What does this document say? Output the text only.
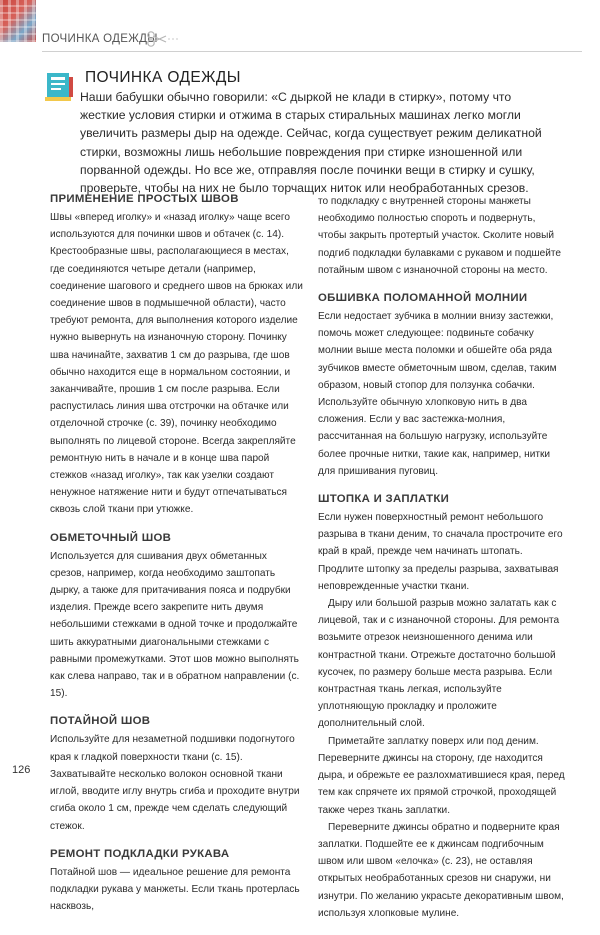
ПОЧИНКА ОДЕЖДЫ
ПОЧИНКА ОДЕЖДЫ

Наши бабушки обычно говорили: «С дыркой не клади в стирку», потому что жесткие условия стирки и отжима в старых стиральных машинах легко могли увеличить размеры дыр на одежде. Сейчас, когда существует режим деликатной стирки, возможны лишь небольшие повреждения при стирке изношенной или порванной одежды. Но все же, отправляя после починки вещи в стирку и сушку, проверьте, чтобы на них не было торчащих ниток или необработанных срезов.

ПРИМЕНЕНИЕ ПРОСТЫХ ШВОВ

Швы «вперед иголку» и «назад иголку» чаще всего используются для починки швов и обтачек (с. 14). Крестообразные швы, располагающиеся в местах, где соединяются четыре детали (например, соединение шагового и среднего швов на брюках или соединение швов в подмышечной области), часто требуют ремонта, для выполнения которого изделие нужно вывернуть на изнаночную сторону. Починку шва начинайте, захватив 1 см до разрыва, где шов обычно находится еще в нормальном состоянии, и заканчивайте, прошив 1 см после разрыва. Если распустилась линия шва отстрочки на обтачке или отделочной строчке (с. 39), починку необходимо выполнять по лицевой стороне. Всегда закрепляйте ремонтную нить в начале и в конце шва парой стежков «назад иголку», так как узелки создают ненужное натяжение нити и будут отпечатываться сквозь слой ткани при утюжке.

ОБМЕТОЧНЫЙ ШОВ

Используется для сшивания двух обметанных срезов, например, когда необходимо заштопать дырку, а также для притачивания пояса и подрубки изделия. Прежде всего закрепите нить двумя небольшими стежками в одной точке и продолжайте шить аккуратными диагональными стежками с равными промежутками. Этот шов можно выполнять как слева направо, так и в обратном направлении (с. 15).

ПОТАЙНОЙ ШОВ

Используйте для незаметной подшивки подогнутого края к гладкой поверхности ткани (с. 15). Захватывайте несколько волокон основной ткани иглой, вводите иглу внутрь сгиба и проходите внутри сгиба около 1 см, прежде чем сделать следующий стежок.

РЕМОНТ ПОДКЛАДКИ РУКАВА

Потайной шов — идеальное решение для ремонта подкладки рукава у манжеты. Если ткань протерлась насквозь,

то подкладку с внутренней стороны манжеты необходимо полностью спороть и подвернуть, чтобы закрыть протертый участок. Сколите новый подгиб подкладки булавками с рукавом и подшейте потайным швом с изнаночной стороны на место.

ОБШИВКА ПОЛОМАННОЙ МОЛНИИ

Если недостает зубчика в молнии внизу застежки, помочь может следующее: подвиньте собачку молнии выше места поломки и обшейте оба ряда зубчиков вместе обметочным швом, сделав, таким образом, новый стопор для ползунка собачки. Используйте обычную хлопковую нить в два сложения. Если у вас застежка-молния, рассчитанная на большую нагрузку, используйте более прочные нитки, такие как, например, нитки для пришивания пуговиц.

ШТОПКА И ЗАПЛАТКИ

Если нужен поверхностный ремонт небольшого разрыва в ткани деним, то сначала прострочите его край в край, прежде чем начинать штопать. Продлите штопку за пределы разрыва, захватывая неповрежденные участки ткани.

Дыру или большой разрыв можно залатать как с лицевой, так и с изнаночной стороны. Для ремонта возьмите отрезок неизношенного денима или контрастной ткани. Отрежьте достаточно большой кусочек, по размеру больше места разрыва. Если контрастная ткань легкая, используйте уплотняющую прокладку и проложите дополнительный слой.

Приметайте заплатку поверх или под деним. Переверните джинсы на сторону, где находится дыра, и обрежьте ее разлохматившиеся края, перед тем как спрячете их прямой строчкой, проходящей также через ткань заплатки.

Переверните джинсы обратно и подверните края заплатки. Подшейте ее к джинсам подгибочным швом или швом «елочка» (с. 23), не оставляя открытых необработанных срезов ни снаружи, ни изнутри. По желанию украсьте декоративным швом, используя хлопковые мулине.

126
